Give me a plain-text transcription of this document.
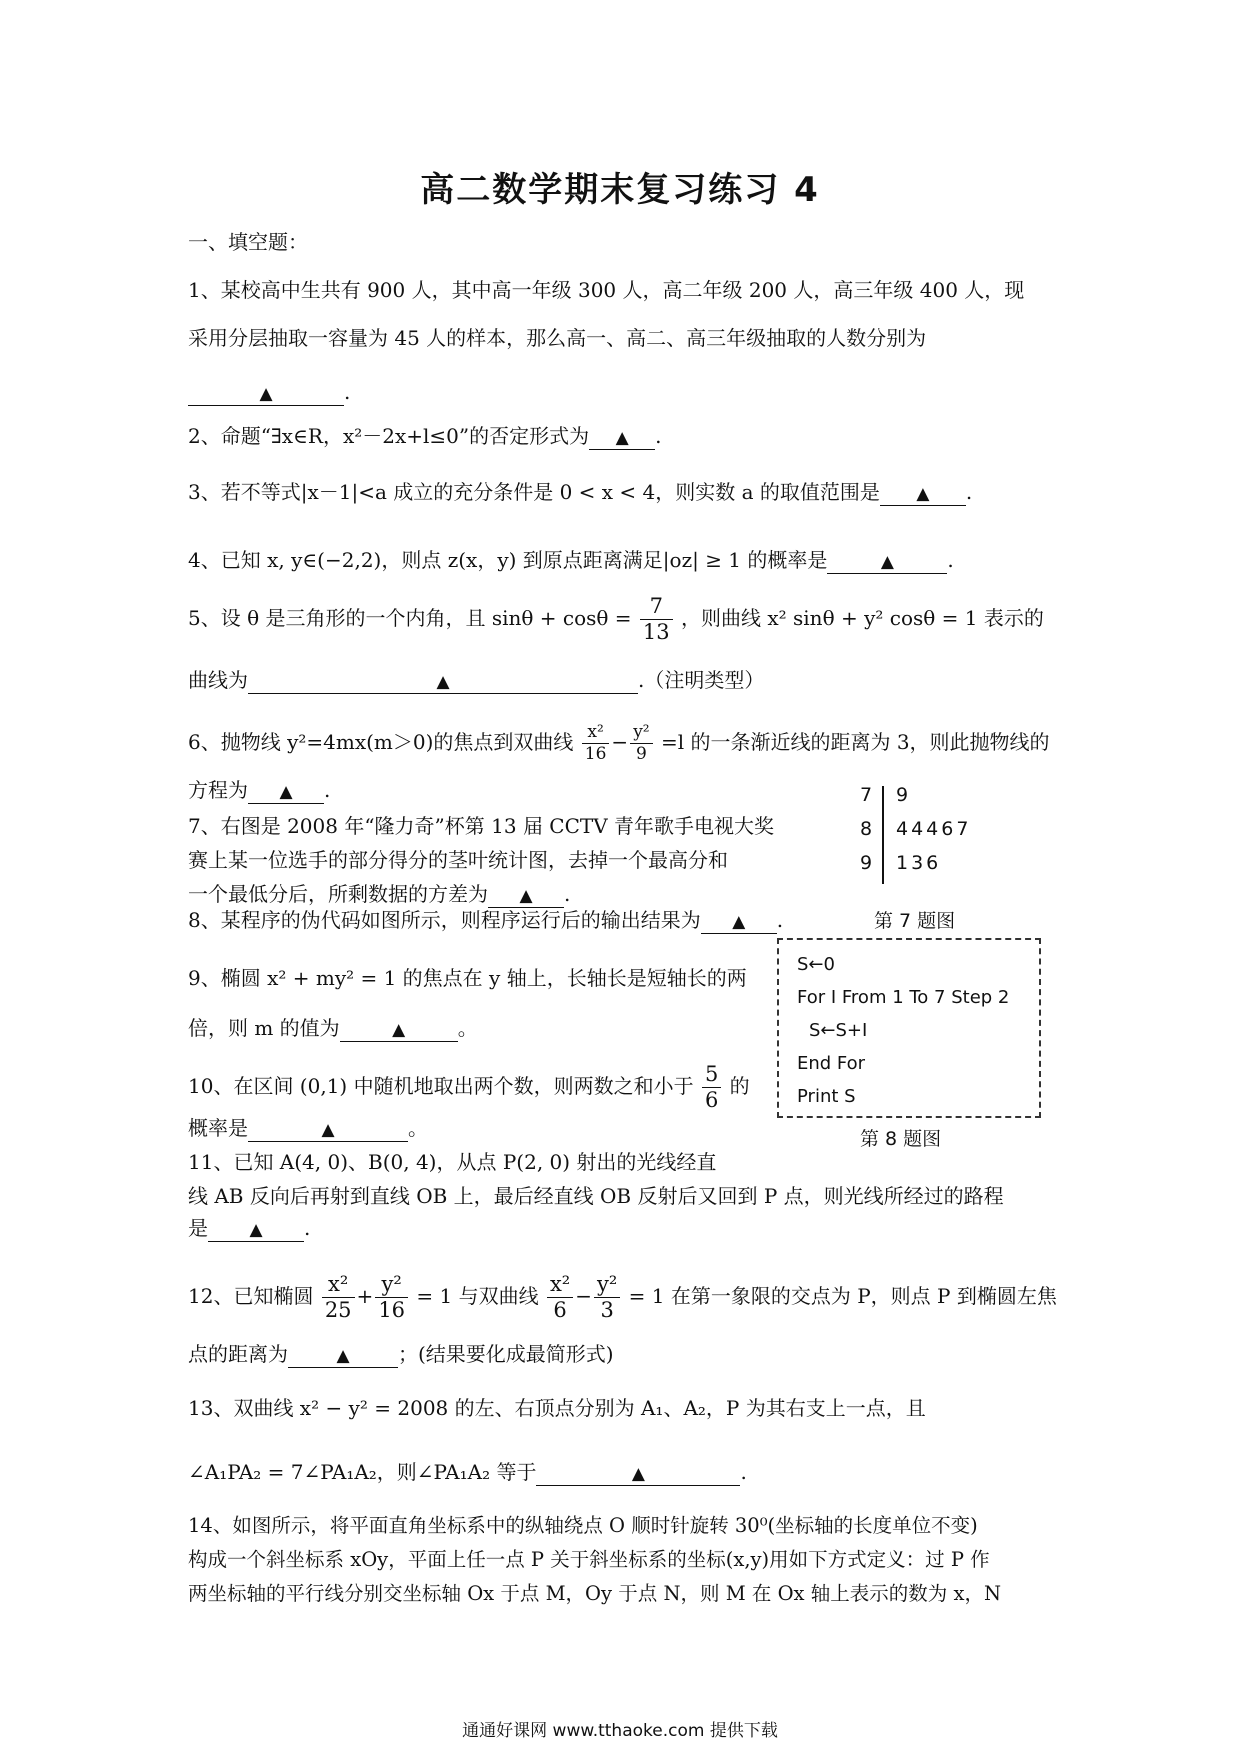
高二数学期末复习练习 4
一、填空题：
1、某校高中生共有 900 人，其中高一年级 300 人，高二年级 200 人，高三年级 400 人，现
采用分层抽取一容量为 45 人的样本，那么高一、高二、高三年级抽取的人数分别为
▲	.
2、命题“∃x∈R，x²－2x+l≤0”的否定形式为 ▲ .
3、若不等式|x－1|<a 成立的充分条件是 0 < x < 4，则实数 a 的取值范围是 ▲ .
4、已知 x, y∈(−2,2)，则点 z(x，y) 到原点距离满足|oz| ≥ 1 的概率是	▲	.
5、设 θ 是三角形的一个内角，且 $\sin\theta + \cos\theta = \frac{7}{13}$ ，则曲线 x² sinθ + y² cosθ = 1 表示的
曲线为	▲	.（注明类型）
6、抛物线 y²=4mx(m＞0)的焦点到双曲线 $\frac{\text{x²}}{16} - \frac{\text{y²}}{9} =l$ 的一条渐近线的距离为 3，则此抛物线的
方程为 ▲ .
7、右图是 2008 年“隆力奇”杯第 13 届 CCTV 青年歌手电视大奖
赛上某一位选手的部分得分的茎叶统计图，去掉一个最高分和
一个最低分后，所剩数据的方差为 ▲ .
7 9
8 44467
9 136
第 7 题图
8、某程序的伪代码如图所示，则程序运行后的输出结果为 ▲ .
S←0
For I From 1 To 7 Step 2
S←S+I
End For
Print S
第 8 题图
9、椭圆 x² + my² = 1 的焦点在 y 轴上，长轴长是短轴长的两
倍，则 m 的值为	▲	。
10、在区间 (0,1) 中随机地取出两个数，则两数之和小于 $\frac{5}{6}$ 的
概率是	▲	。
11、已知 A(4, 0)、B(0, 4)，从点 P(2, 0) 射出的光线经直
线 AB 反向后再射到直线 OB 上，最后经直线 OB 反射后又回到 P 点，则光线所经过的路程
是 ▲ .
12、已知椭圆 $\frac{\text{x²}}{25} + \frac{\text{y²}}{16} = 1$ 与双曲线 $\frac{\text{x²}}{6} - \frac{\text{y²}}{3} = 1$ 在第一象限的交点为 P，则点 P 到椭圆左焦
点的距离为	▲ ；(结果要化成最简形式)
13、双曲线 x² − y² = 2008 的左、右顶点分别为 A₁、A₂，P 为其右支上一点，且
∠A₁PA₂ = 7∠PA₁A₂，则∠PA₁A₂ 等于	▲	.
14、如图所示，将平面直角坐标系中的纵轴绕点 O 顺时针旋转 30⁰(坐标轴的长度单位不变)
构成一个斜坐标系 xOy，平面上任一点 P 关于斜坐标系的坐标(x,y)用如下方式定义：过 P 作
两坐标轴的平行线分别交坐标轴 Ox 于点 M，Oy 于点 N，则 M 在 Ox 轴上表示的数为 x，N
通通好课网 www.tthaoke.com 提供下载
